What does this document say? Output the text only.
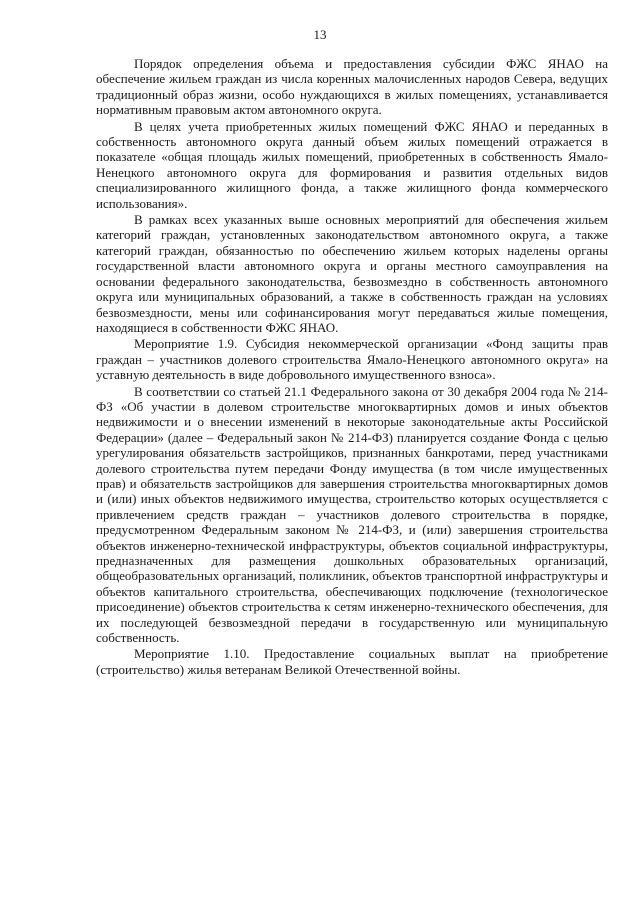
13

Порядок определения объема и предоставления субсидии ФЖС ЯНАО на обеспечение жильем граждан из числа коренных малочисленных народов Севера, ведущих традиционный образ жизни, особо нуждающихся в жилых помещениях, устанавливается нормативным правовым актом автономного округа.

В целях учета приобретенных жилых помещений ФЖС ЯНАО и переданных в собственность автономного округа данный объем жилых помещений отражается в показателе «общая площадь жилых помещений, приобретенных в собственность Ямало-Ненецкого автономного округа для формирования и развития отдельных видов специализированного жилищного фонда, а также жилищного фонда коммерческого использования».

В рамках всех указанных выше основных мероприятий для обеспечения жильем категорий граждан, установленных законодательством автономного округа, а также категорий граждан, обязанностью по обеспечению жильем которых наделены органы государственной власти автономного округа и органы местного самоуправления на основании федерального законодательства, безвозмездно в собственность автономного округа или муниципальных образований, а также в собственность граждан на условиях безвозмездности, мены или софинансирования могут передаваться жилые помещения, находящиеся в собственности ФЖС ЯНАО.

Мероприятие 1.9. Субсидия некоммерческой организации «Фонд защиты прав граждан – участников долевого строительства Ямало-Ненецкого автономного округа» на уставную деятельность в виде добровольного имущественного взноса».

В соответствии со статьей 21.1 Федерального закона от 30 декабря 2004 года № 214-ФЗ «Об участии в долевом строительстве многоквартирных домов и иных объектов недвижимости и о внесении изменений в некоторые законодательные акты Российской Федерации» (далее – Федеральный закон № 214-ФЗ) планируется создание Фонда с целью урегулирования обязательств застройщиков, признанных банкротами, перед участниками долевого строительства путем передачи Фонду имущества (в том числе имущественных прав) и обязательств застройщиков для завершения строительства многоквартирных домов и (или) иных объектов недвижимого имущества, строительство которых осуществляется с привлечением средств граждан – участников долевого строительства в порядке, предусмотренном Федеральным законом № 214-ФЗ, и (или) завершения строительства объектов инженерно-технической инфраструктуры, объектов социальной инфраструктуры, предназначенных для размещения дошкольных образовательных организаций, общеобразовательных организаций, поликлиник, объектов транспортной инфраструктуры и объектов капитального строительства, обеспечивающих подключение (технологическое присоединение) объектов строительства к сетям инженерно-технического обеспечения, для их последующей безвозмездной передачи в государственную или муниципальную собственность.

Мероприятие 1.10. Предоставление социальных выплат на приобретение (строительство) жилья ветеранам Великой Отечественной войны.
